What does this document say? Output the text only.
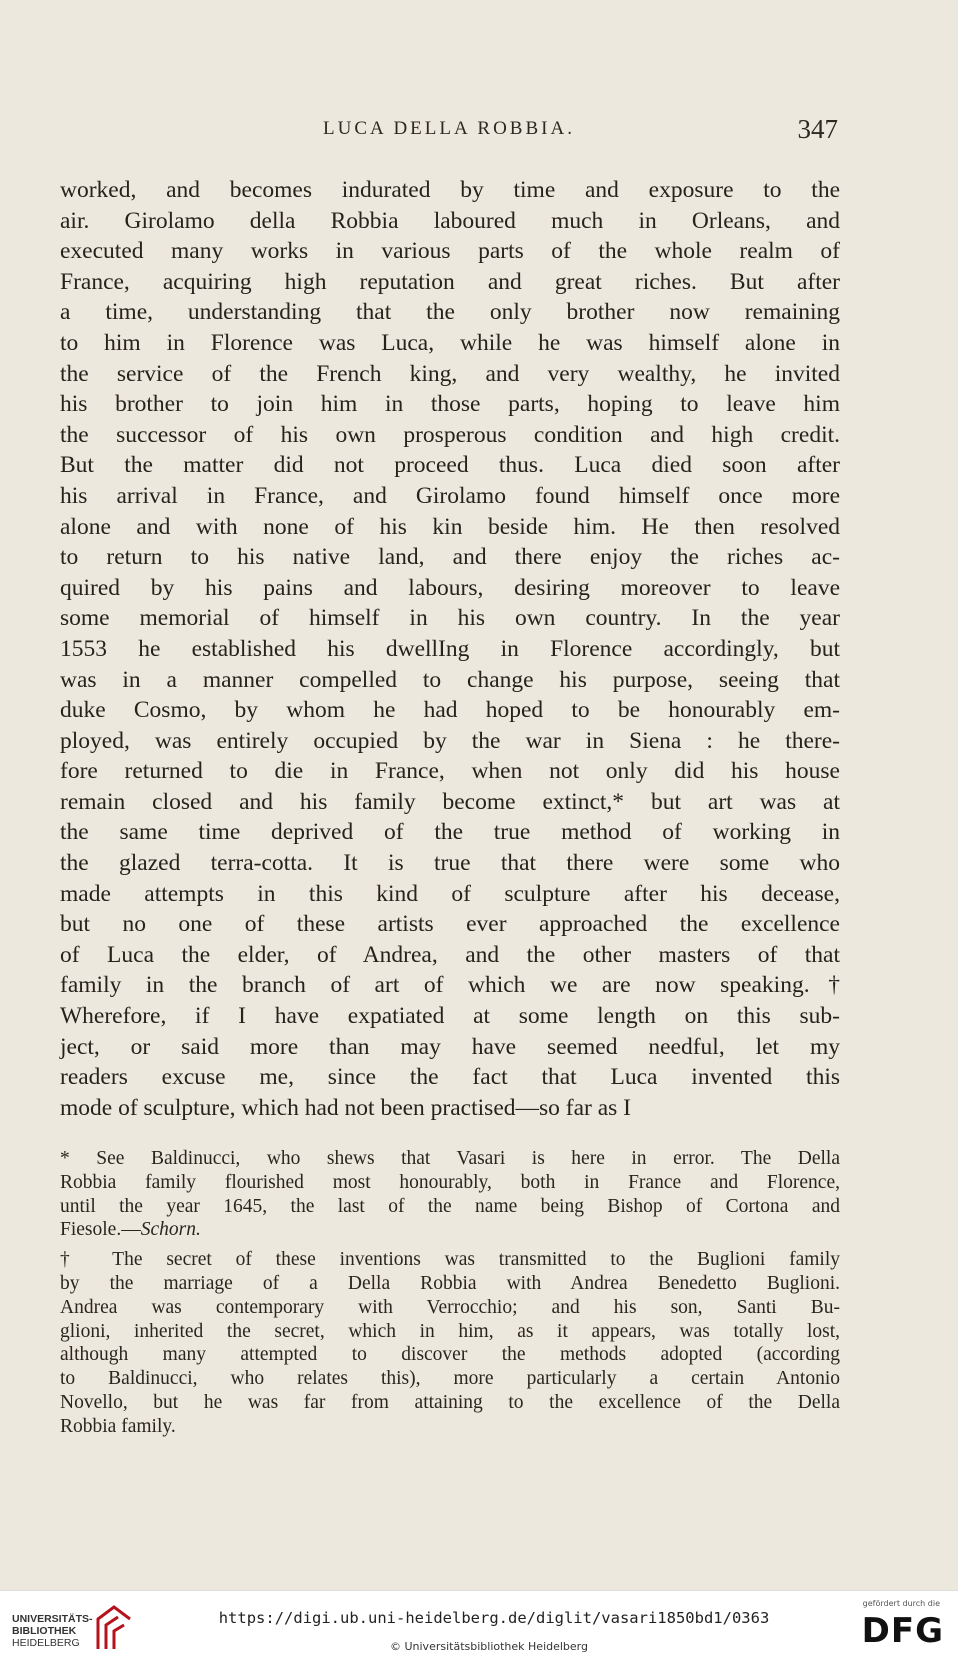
LUCA DELLA ROBBIA.	347
worked, and becomes indurated by time and exposure to the
air. Girolamo della Robbia laboured much in Orleans, and
executed many works in various parts of the whole realm of
France, acquiring high reputation and great riches. But after
a time, understanding that the only brother now remaining
to him in Florence was Luca, while he was himself alone in
the service of the French king, and very wealthy, he invited
his brother to join him in those parts, hoping to leave him
the successor of his own prosperous condition and high credit.
But the matter did not proceed thus. Luca died soon after
his arrival in France, and Girolamo found himself once more
alone and with none of his kin beside him. He then resolved
to return to his native land, and there enjoy the riches ac-
quired by his pains and labours, desiring moreover to leave
some memorial of himself in his own country. In the year
1553 he established his dwellIng in Florence accordingly, but
was in a manner compelled to change his purpose, seeing that
duke Cosmo, by whom he had hoped to be honourably em-
ployed, was entirely occupied by the war in Siena : he there-
fore returned to die in France, when not only did his house
remain closed and his family become extinct,* but art was at
the same time deprived of the true method of working in
the glazed terra-cotta. It is true that there were some who
made attempts in this kind of sculpture after his decease,
but no one of these artists ever approached the excellence
of Luca the elder, of Andrea, and the other masters of that
family in the branch of art of which we are now speaking.†
Wherefore, if I have expatiated at some length on this sub-
ject, or said more than may have seemed needful, let my
readers excuse me, since the fact that Luca invented this
mode of sculpture, which had not been practised—so far as I
* See Baldinucci, who shews that Vasari is here in error. The Della
Robbia family flourished most honourably, both in France and Florence,
until the year 1645, the last of the name being Bishop of Cortona and
Fiesole.—Schorn.
† The secret of these inventions was transmitted to the Buglioni family
by the marriage of a Della Robbia with Andrea Benedetto Buglioni.
Andrea was contemporary with Verrocchio; and his son, Santi Bu-
glioni, inherited the secret, which in him, as it appears, was totally lost,
although many attempted to discover the methods adopted (according
to Baldinucci, who relates this), more particularly a certain Antonio
Novello, but he was far from attaining to the excellence of the Della
Robbia family.
UNIVERSITÄTS-
BIBLIOTHEK
HEIDELBERG
https://digi.ub.uni-heidelberg.de/diglit/vasari1850bd1/0363
© Universitätsbibliothek Heidelberg
gefördert durch die
DFG
